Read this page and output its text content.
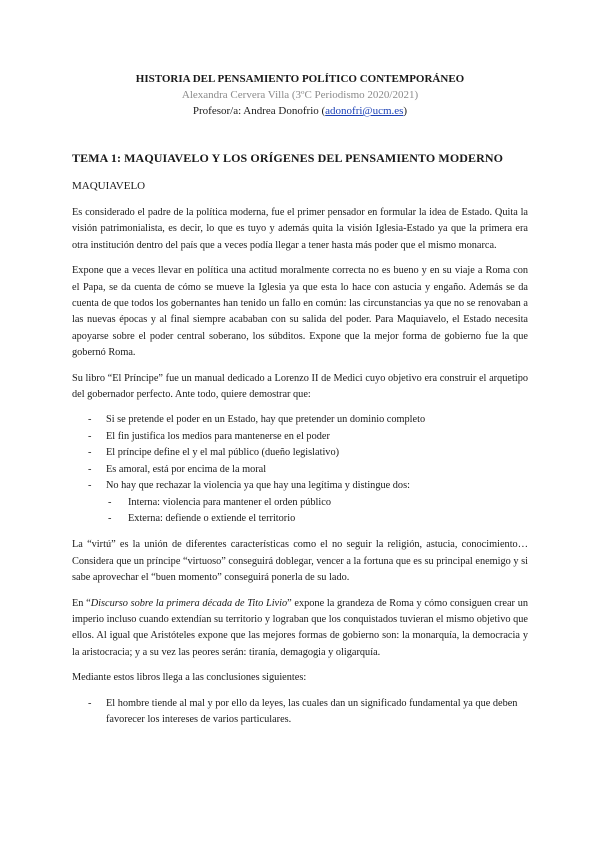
HISTORIA DEL PENSAMIENTO POLÍTICO CONTEMPORÁNEO
Alexandra Cervera Villa (3ºC Periodismo 2020/2021)
Profesor/a: Andrea Donofrio (adonofri@ucm.es)
TEMA 1: MAQUIAVELO Y LOS ORÍGENES DEL PENSAMIENTO MODERNO
MAQUIAVELO

Es considerado el padre de la política moderna, fue el primer pensador en formular la idea de Estado. Quita la visión patrimonialista, es decir, lo que es tuyo y además quita la visión Iglesia-Estado ya que la primera era otra institución dentro del país que a veces podía llegar a tener hasta más poder que el mismo monarca.

Expone que a veces llevar en política una actitud moralmente correcta no es bueno y en su viaje a Roma con el Papa, se da cuenta de cómo se mueve la Iglesia ya que esta lo hace con astucia y engaño. Además se da cuenta de que todos los gobernantes han tenido un fallo en común: las circunstancias ya que no se renovaban a las nuevas épocas y al final siempre acababan con su salida del poder. Para Maquiavelo, el Estado necesita apoyarse sobre el poder central soberano, los súbditos. Expone que la mejor forma de gobierno fue la que gobernó Roma.

Su libro “El Príncipe” fue un manual dedicado a Lorenzo II de Medici cuyo objetivo era construir el arquetipo del gobernador perfecto. Ante todo, quiere demostrar que:

- Si se pretende el poder en un Estado, hay que pretender un dominio completo
- El fin justifica los medios para mantenerse en el poder
- El príncipe define el y el mal público (dueño legislativo)
- Es amoral, está por encima de la moral
- No hay que rechazar la violencia ya que hay una legítima y distingue dos:
- Interna: violencia para mantener el orden público
- Externa: defiende o extiende el territorio

La “virtú” es la unión de diferentes características como el no seguir la religión, astucia, conocimiento… Considera que un príncipe “virtuoso” conseguirá doblegar, vencer a la fortuna que es su principal enemigo y si sabe aprovechar el “buen momento” conseguirá ponerla de su lado.

En “Discurso sobre la primera década de Tito Livio” expone la grandeza de Roma y cómo consiguen crear un imperio incluso cuando extendían su territorio y lograban que los conquistados tuvieran el mismo objetivo que ellos. Al igual que Aristóteles expone que las mejores formas de gobierno son: la monarquía, la democracia y la aristocracia; y a su vez las peores serán: tiranía, demagogia y oligarquía.

Mediante estos libros llega a las conclusiones siguientes:

- El hombre tiende al mal y por ello da leyes, las cuales dan un significado fundamental ya que deben favorecer los intereses de varios particulares.
